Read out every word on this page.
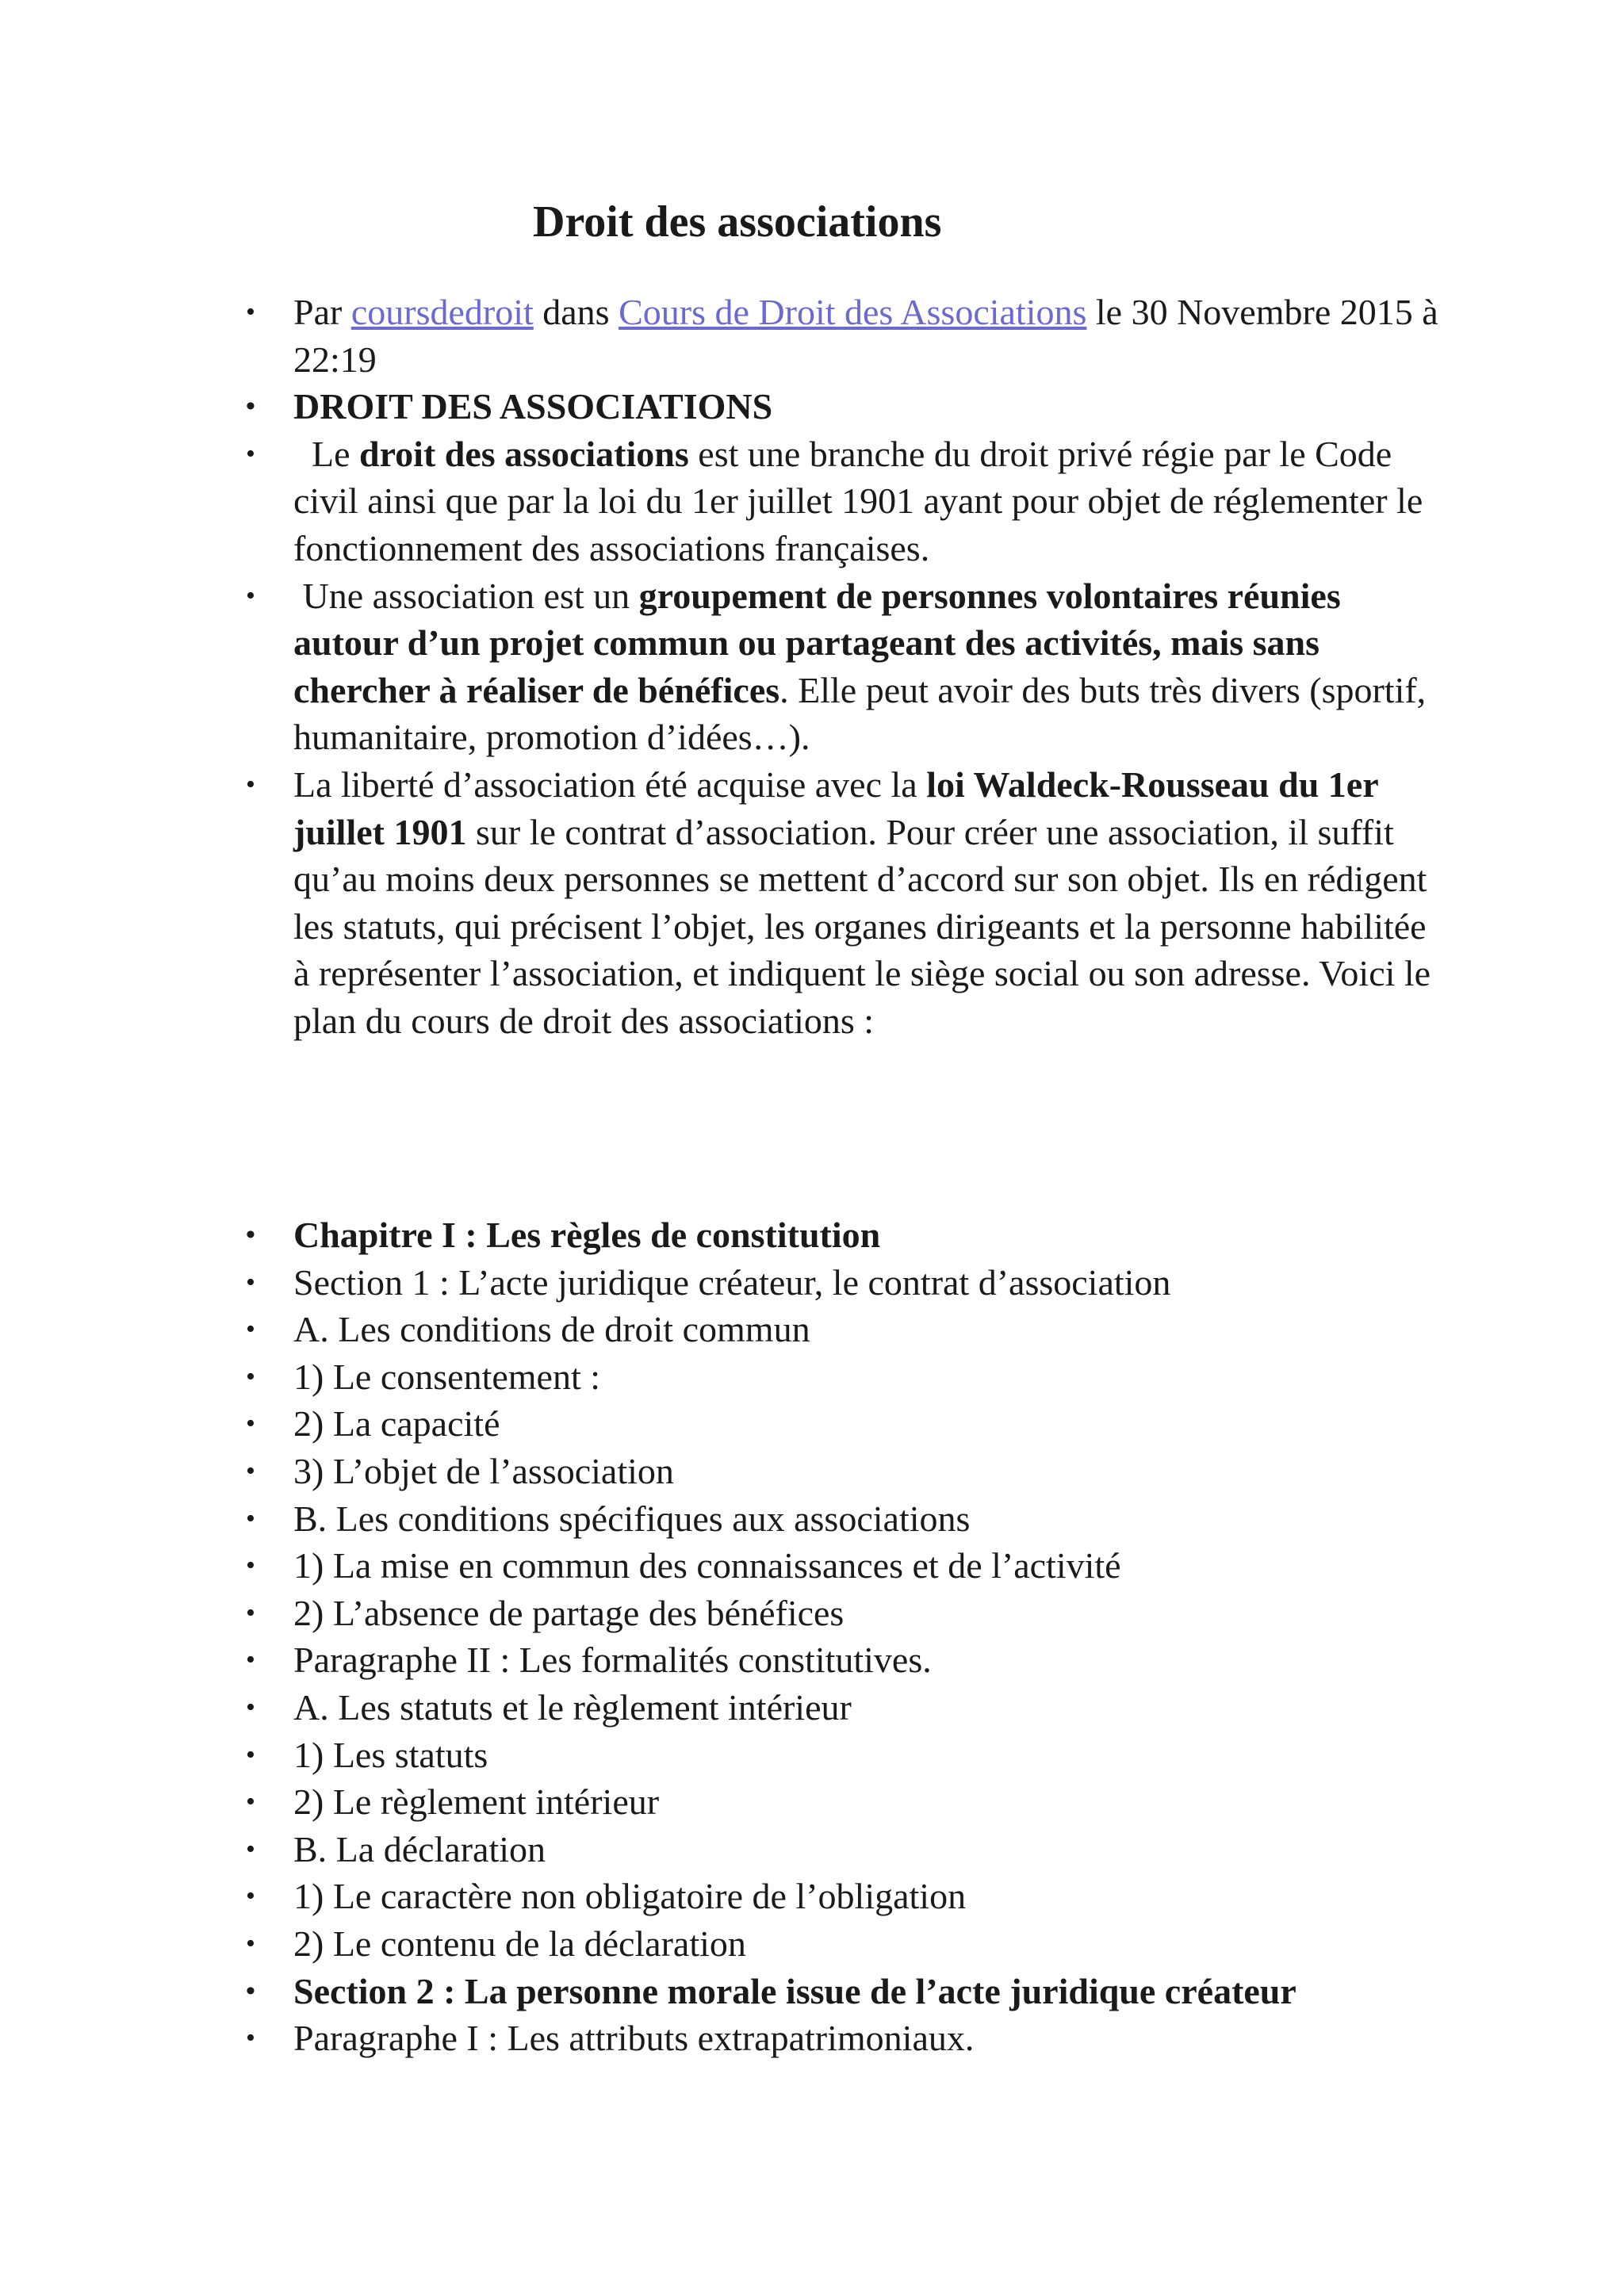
Droit des associations
• Par coursdedroit dans Cours de Droit des Associations le 30 Novembre 2015 à 22:19
• DROIT DES ASSOCIATIONS
•   Le droit des associations est une branche du droit privé régie par le Code civil ainsi que par la loi du 1er juillet 1901 ayant pour objet de réglementer le fonctionnement des associations françaises.
•  Une association est un groupement de personnes volontaires réunies autour d’un projet commun ou partageant des activités, mais sans chercher à réaliser de bénéfices. Elle peut avoir des buts très divers (sportif, humanitaire, promotion d’idées…).
• La liberté d’association été acquise avec la loi Waldeck-Rousseau du 1er juillet 1901 sur le contrat d’association. Pour créer une association, il suffit qu’au moins deux personnes se mettent d’accord sur son objet. Ils en rédigent les statuts, qui précisent l’objet, les organes dirigeants et la personne habilitée à représenter l’association, et indiquent le siège social ou son adresse. Voici le plan du cours de droit des associations :
• Chapitre I : Les règles de constitution
• Section 1 : L’acte juridique créateur, le contrat d’association
• A. Les conditions de droit commun
• 1) Le consentement :
• 2) La capacité
• 3) L’objet de l’association
• B. Les conditions spécifiques aux associations
• 1) La mise en commun des connaissances et de l’activité
• 2) L’absence de partage des bénéfices
• Paragraphe II : Les formalités constitutives.
• A. Les statuts et le règlement intérieur
• 1) Les statuts
• 2) Le règlement intérieur
• B. La déclaration
• 1) Le caractère non obligatoire de l’obligation
• 2) Le contenu de la déclaration
• Section 2 : La personne morale issue de l’acte juridique créateur
• Paragraphe I : Les attributs extrapatrimoniaux.
